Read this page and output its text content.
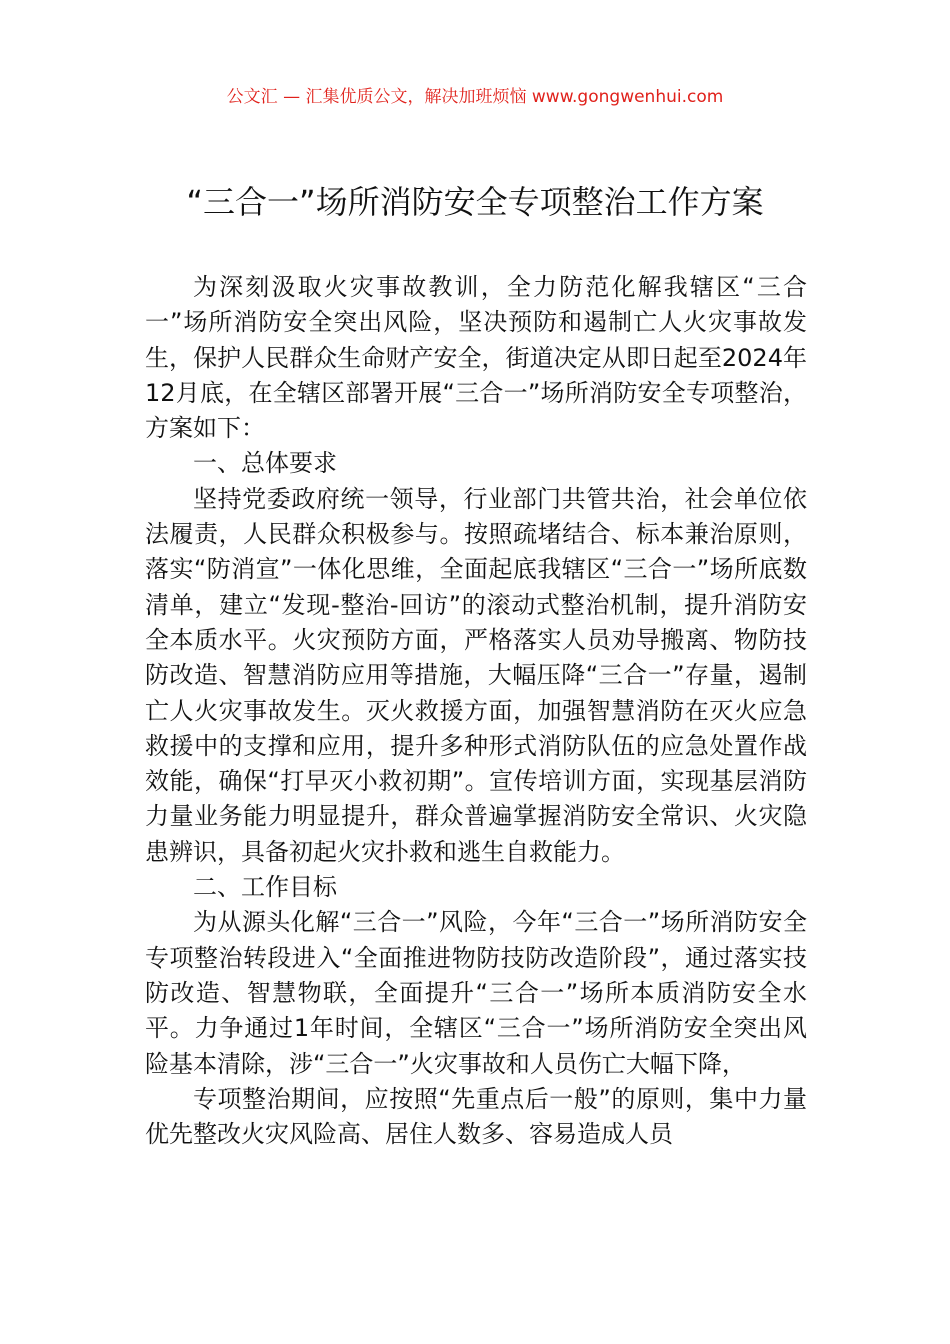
公文汇 — 汇集优质公文，解决加班烦恼 www.gongwenhui.com
“三合一”场所消防安全专项整治工作方案

为深刻汲取火灾事故教训，全力防范化解我辖区“三合一”场所消防安全突出风险，坚决预防和遏制亡人火灾事故发生，保护人民群众生命财产安全，街道决定从即日起至2024年12月底，在全辖区部署开展“三合一”场所消防安全专项整治，方案如下：

一、总体要求

坚持党委政府统一领导，行业部门共管共治，社会单位依法履责，人民群众积极参与。按照疏堵结合、标本兼治原则，落实“防消宣”一体化思维，全面起底我辖区“三合一”场所底数清单，建立“发现-整治-回访”的滚动式整治机制，提升消防安全本质水平。火灾预防方面，严格落实人员劝导搬离、物防技防改造、智慧消防应用等措施，大幅压降“三合一”存量，遏制亡人火灾事故发生。灭火救援方面，加强智慧消防在灭火应急救援中的支撑和应用，提升多种形式消防队伍的应急处置作战效能，确保“打早灭小救初期”。宣传培训方面，实现基层消防力量业务能力明显提升，群众普遍掌握消防安全常识、火灾隐患辨识，具备初起火灾扑救和逃生自救能力。

二、工作目标

为从源头化解“三合一”风险，今年“三合一”场所消防安全专项整治转段进入“全面推进物防技防改造阶段”，通过落实技防改造、智慧物联，全面提升“三合一”场所本质消防安全水平。力争通过1年时间，全辖区“三合一”场所消防安全突出风险基本清除，涉“三合一”火灾事故和人员伤亡大幅下降，

专项整治期间，应按照“先重点后一般”的原则，集中力量优先整改火灾风险高、居住人数多、容易造成人员
